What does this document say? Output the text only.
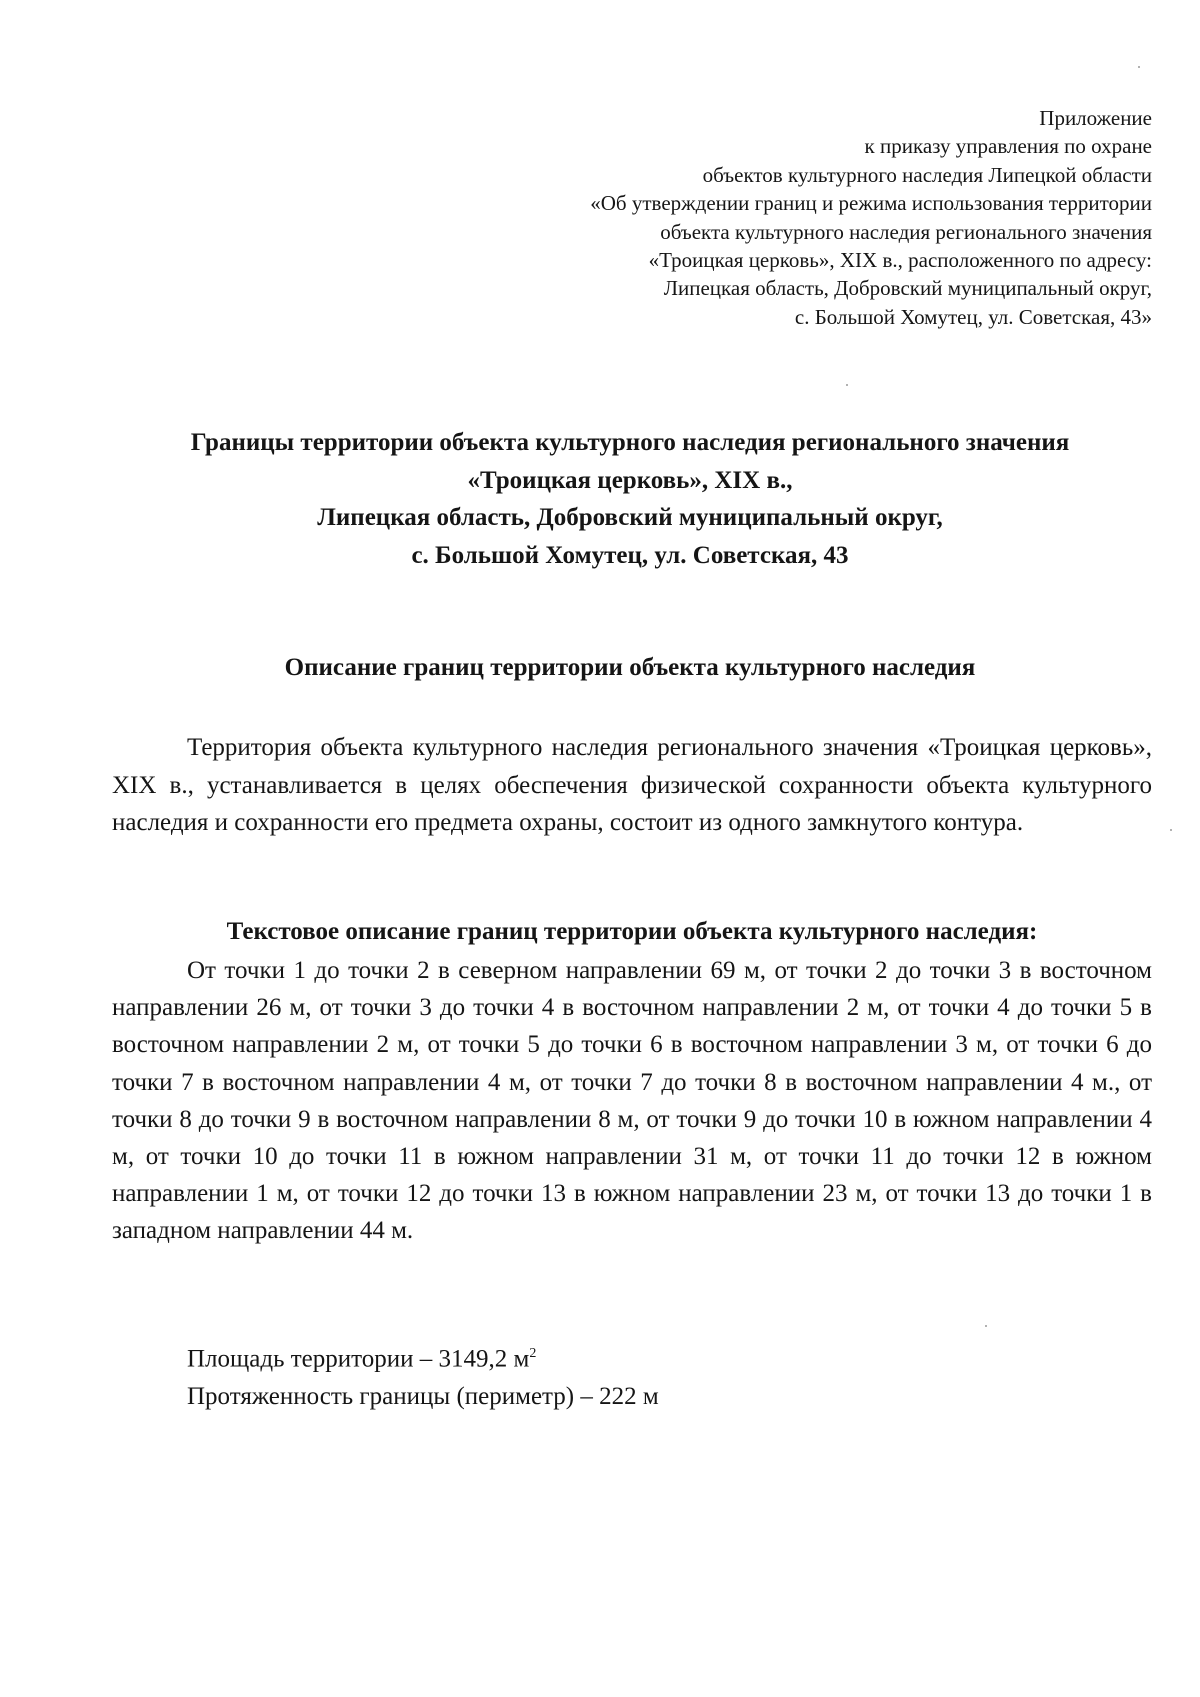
Приложение
к приказу управления по охране
объектов культурного наследия Липецкой области
«Об утверждении границ и режима использования территории
объекта культурного наследия регионального значения
«Троицкая церковь», XIX в., расположенного по адресу:
Липецкая область, Добровский муниципальный округ,
с. Большой Хомутец, ул. Советская, 43»
Границы территории объекта культурного наследия регионального значения
«Троицкая церковь», XIX в.,
Липецкая область, Добровский муниципальный округ,
с. Большой Хомутец, ул. Советская, 43
Описание границ территории объекта культурного наследия

Территория объекта культурного наследия регионального значения «Троицкая церковь», XIX в., устанавливается в целях обеспечения физической сохранности объекта культурного наследия и сохранности его предмета охраны, состоит из одного замкнутого контура.

Текстовое описание границ территории объекта культурного наследия:

От точки 1 до точки 2 в северном направлении 69 м, от точки 2 до точки 3 в восточном направлении 26 м, от точки 3 до точки 4 в восточном направлении 2 м, от точки 4 до точки 5 в восточном направлении 2 м, от точки 5 до точки 6 в восточном направлении 3 м, от точки 6 до точки 7 в восточном направлении 4 м, от точки 7 до точки 8 в восточном направлении 4 м., от точки 8 до точки 9 в восточном направлении 8 м, от точки 9 до точки 10 в южном направлении 4 м, от точки 10 до точки 11 в южном направлении 31 м, от точки 11 до точки 12 в южном направлении 1 м, от точки 12 до точки 13 в южном направлении 23 м, от точки 13 до точки 1 в западном направлении 44 м.

Площадь территории – 3149,2 $м^2$
Протяженность границы (периметр) – 222 м
